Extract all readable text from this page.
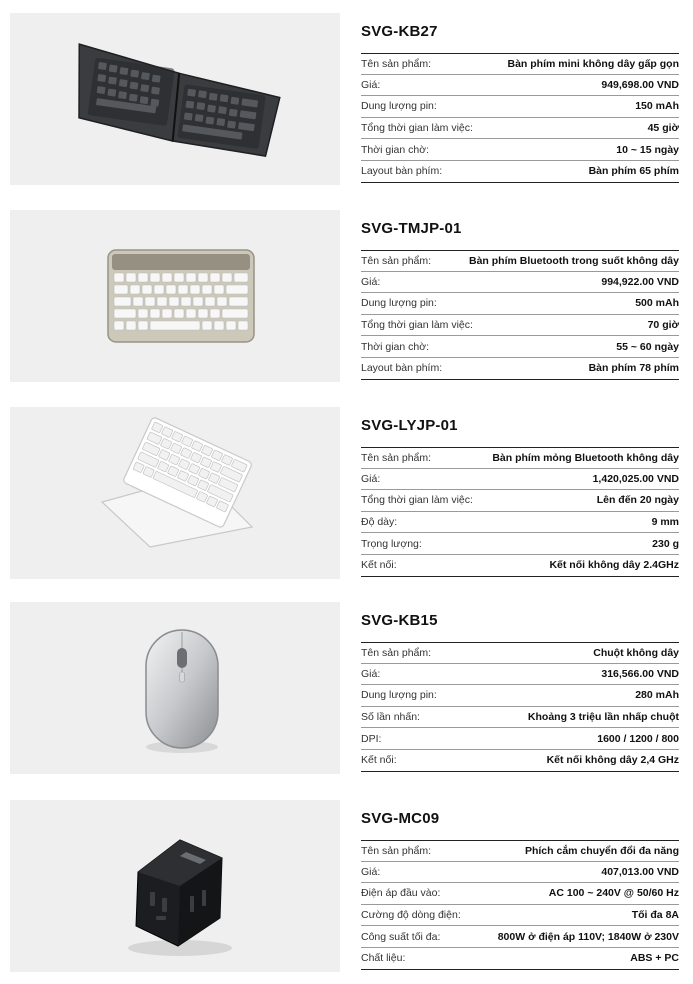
SVG-KB27
Tên sản phẩm:	Bàn phím mini không dây gấp gọn
Giá:	949,698.00 VND
Dung lượng pin:	150 mAh
Tổng thời gian làm việc:	45 giờ
Thời gian chờ:	10 ~ 15 ngày
Layout bàn phím:	Bàn phím 65 phím
SVG-TMJP-01
Tên sản phẩm:	Bàn phím Bluetooth trong suốt không dây
Giá:	994,922.00 VND
Dung lượng pin:	500 mAh
Tổng thời gian làm việc:	70 giờ
Thời gian chờ:	55 ~ 60 ngày
Layout bàn phím:	Bàn phím 78 phím
SVG-LYJP-01
Tên sản phẩm:	Bàn phím mỏng Bluetooth không dây
Giá:	1,420,025.00 VND
Tổng thời gian làm việc:	Lên đến 20 ngày
Độ dày:	9 mm
Trọng lượng:	230 g
Kết nối:	Kết nối không dây 2.4GHz
SVG-KB15
Tên sản phẩm:	Chuột không dây
Giá:	316,566.00 VND
Dung lượng pin:	280 mAh
Số lần nhấn:	Khoảng 3 triệu lần nhấp chuột
DPI:	1600 / 1200 / 800
Kết nối:	Kết nối không dây 2,4 GHz
SVG-MC09
Tên sản phẩm:	Phích cắm chuyển đổi đa năng
Giá:	407,013.00 VND
Điện áp đầu vào:	AC 100 ~ 240V @ 50/60 Hz
Cường độ dòng điện:	Tối đa 8A
Công suất tối đa:	800W ở điện áp 110V; 1840W ở 230V
Chất liệu:	ABS + PC
